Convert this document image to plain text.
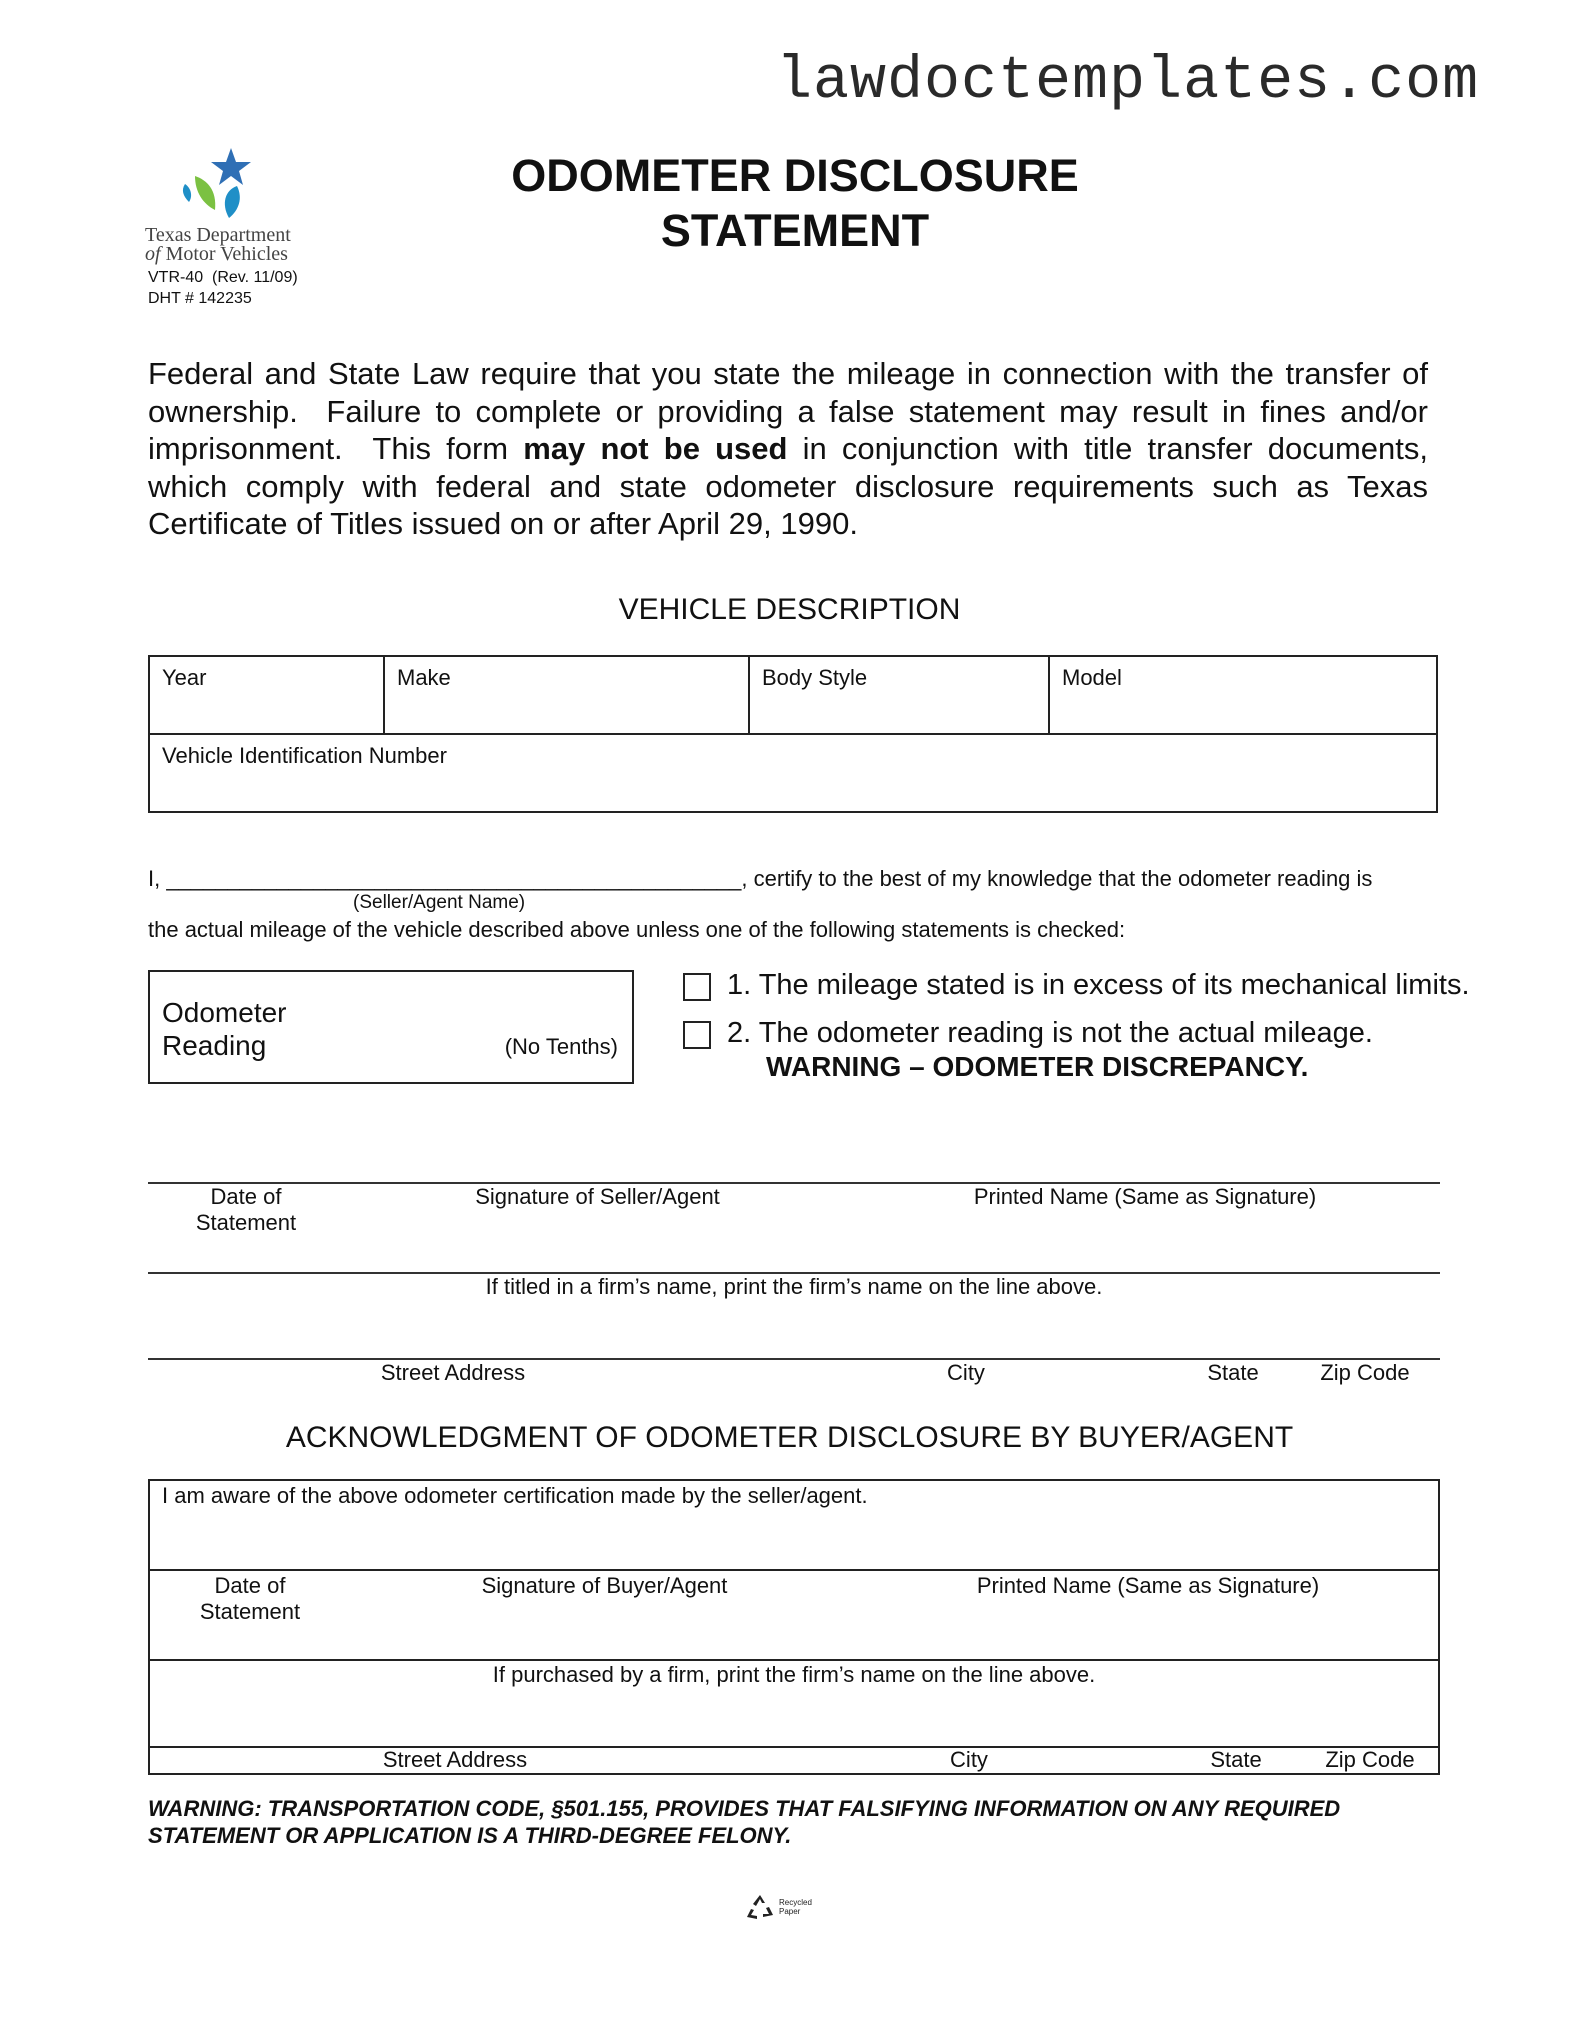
lawdoctemplates.com
Texas Department
of Motor Vehicles
VTR-40  (Rev. 11/09)
DHT # 142235
ODOMETER DISCLOSURE
STATEMENT
Federal and State Law require that you state the mileage in connection with the transfer of ownership.  Failure to complete or providing a false statement may result in fines and/or imprisonment.  This form may not be used in conjunction with title transfer documents, which comply with federal and state odometer disclosure requirements such as Texas Certificate of Titles issued on or after April 29, 1990.
VEHICLE DESCRIPTION
Year	Make	Body Style	Model
Vehicle Identification Number
I, _______________________________________________, certify to the best of my knowledge that the odometer reading is
(Seller/Agent Name)
the actual mileage of the vehicle described above unless one of the following statements is checked:
Odometer
Reading	(No Tenths)
1. The mileage stated is in excess of its mechanical limits.
2. The odometer reading is not the actual mileage.
WARNING – ODOMETER DISCREPANCY.
Date of
Statement
Signature of Seller/Agent	Printed Name (Same as Signature)
If titled in a firm’s name, print the firm’s name on the line above.
Street Address	City	State	Zip Code
ACKNOWLEDGMENT OF ODOMETER DISCLOSURE BY BUYER/AGENT
I am aware of the above odometer certification made by the seller/agent.
Date of
Statement
Signature of Buyer/Agent	Printed Name (Same as Signature)
If purchased by a firm, print the firm’s name on the line above.
Street Address	City	State	Zip Code
WARNING: TRANSPORTATION CODE, §501.155, PROVIDES THAT FALSIFYING INFORMATION ON ANY REQUIRED STATEMENT OR APPLICATION IS A THIRD-DEGREE FELONY.
Recycled
Paper
